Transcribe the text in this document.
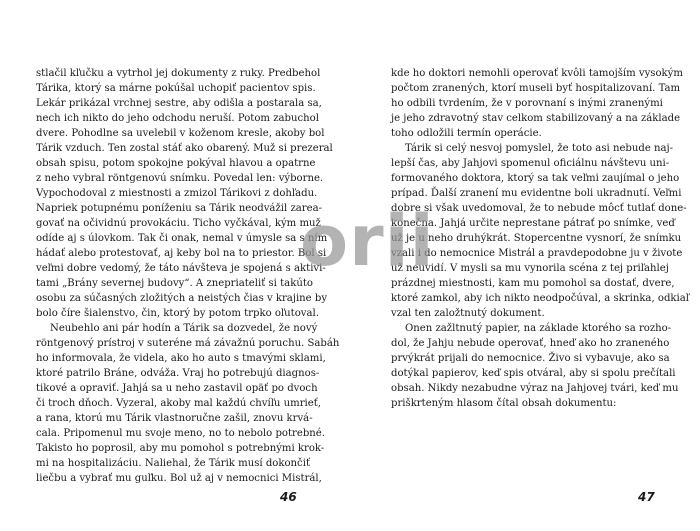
stlačil kľučku a vytrhol jej dokumenty z ruky. Predbehol
Tárika, ktorý sa márne pokúšal uchopiť pacientov spis.
Lekár prikázal vrchnej sestre, aby odišla a postarala sa,
nech ich nikto do jeho odchodu neruší. Potom zabuchol
dvere. Pohodlne sa uvelebil v koženom kresle, akoby bol
Tárik vzduch. Ten zostal stáť ako obarený. Muž si prezeral
obsah spisu, potom spokojne pokýval hlavou a opatrne
z neho vybral röntgenovú snímku. Povedal len: výborne.
Vypochodoval z miestnosti a zmizol Tárikovi z dohľadu.
Napriek potupnému poníženiu sa Tárik neodvážil zarea-
govať na očividnú provokáciu. Ticho vyčkával, kým muž
odíde aj s úlovkom. Tak či onak, nemal v úmysle sa s ním
hádať alebo protestovať, aj keby bol na to priestor. Bol si
veľmi dobre vedomý, že táto návšteva je spojená s aktivi-
tami „Brány severnej budovy“. A znepriateliť si takúto
osobu za súčasných zložitých a neistých čias v krajine by
bolo číre šialenstvo, čin, ktorý by potom trpko oľutoval.
Neubehlo ani pár hodín a Tárik sa dozvedel, že nový
röntgenový prístroj v suteréne má závažnú poruchu. Sabáh
ho informovala, že videla, ako ho auto s tmavými sklami,
ktoré patrilo Bráne, odváža. Vraj ho potrebujú diagnos-
tikové a opraviť. Jahjá sa u neho zastavil opäť po dvoch
či troch dňoch. Vyzeral, akoby mal každú chvíľu umrieť,
a rana, ktorú mu Tárik vlastnoručne zašil, znovu krvá-
cala. Pripomenul mu svoje meno, no to nebolo potrebné.
Takisto ho poprosil, aby mu pomohol s potrebnými krok-
mi na hospitalizáciu. Naliehal, že Tárik musí dokončiť
liečbu a vybrať mu guľku. Bol už aj v nemocnici Mistrál,
46
kde ho doktori nemohli operovať kvôli tamojším vysokým
počtom zranených, ktorí museli byť hospitalizovaní. Tam
ho odbili tvrdením, že v porovnaní s inými zranenými
je jeho zdravotný stav celkom stabilizovaný a na základe
toho odložili termín operácie.
Tárik si celý nesvoj pomyslel, že toto asi nebude naj-
lepší čas, aby Jahjovi spomenul oficiálnu návštevu uni-
formovaného doktora, ktorý sa tak veľmi zaujímal o jeho
prípad. Ďalší zranení mu evidentne boli ukradnutí. Veľmi
dobre si však uvedomoval, že to nebude môcť tutlať done-
konečna. Jahjá určite neprestane pátrať po snímke, veď
už je u neho druhýkrát. Stopercentne vysnorí, že snímku
vzali i do nemocnice Mistrál a pravdepodobne ju v živote
už neuvidí. V mysli sa mu vynorila scéna z tej priľahlej
prázdnej miestnosti, kam mu pomohol sa dostať, dvere,
ktoré zamkol, aby ich nikto neodpočúval, a skrinka, odkiaľ
vzal ten založtnutý dokument.
Onen zažltnutý papier, na základe ktorého sa rozho-
dol, že Jahju nebude operovať, hneď ako ho zraneného
prvýkrát prijali do nemocnice. Živo si vybavuje, ako sa
dotýkal papierov, keď spis otváral, aby si spolu prečítali
obsah. Nikdy nezabudne výraz na Jahjovej tvári, keď mu
priškrteným hlasom čítal obsah dokumentu:
47
orii
